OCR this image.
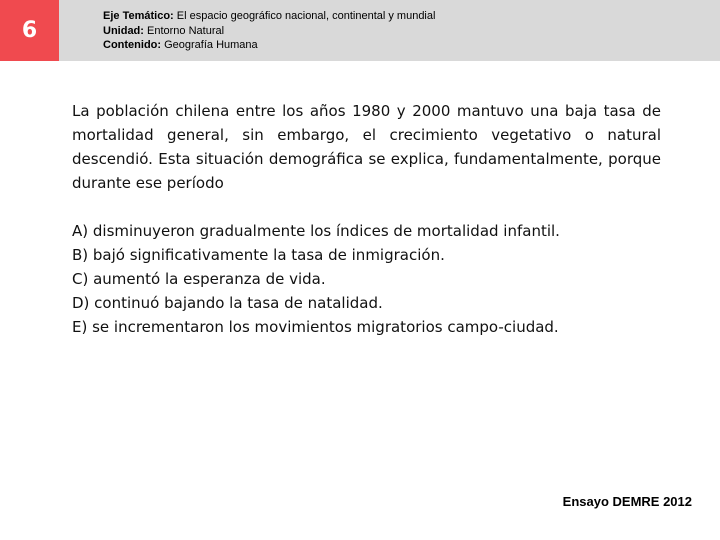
6
Eje Temático: El espacio geográfico nacional, continental y mundial
Unidad: Entorno Natural
Contenido: Geografía Humana
La población chilena entre los años 1980 y 2000 mantuvo una baja tasa de mortalidad general, sin embargo, el crecimiento vegetativo o natural descendió. Esta situación demográfica se explica, fundamentalmente, porque durante ese período
A) disminuyeron gradualmente los índices de mortalidad infantil.
B) bajó significativamente la tasa de inmigración.
C) aumentó la esperanza de vida.
D) continuó bajando la tasa de natalidad.
E) se incrementaron los movimientos migratorios campo-ciudad.
Ensayo DEMRE 2012
